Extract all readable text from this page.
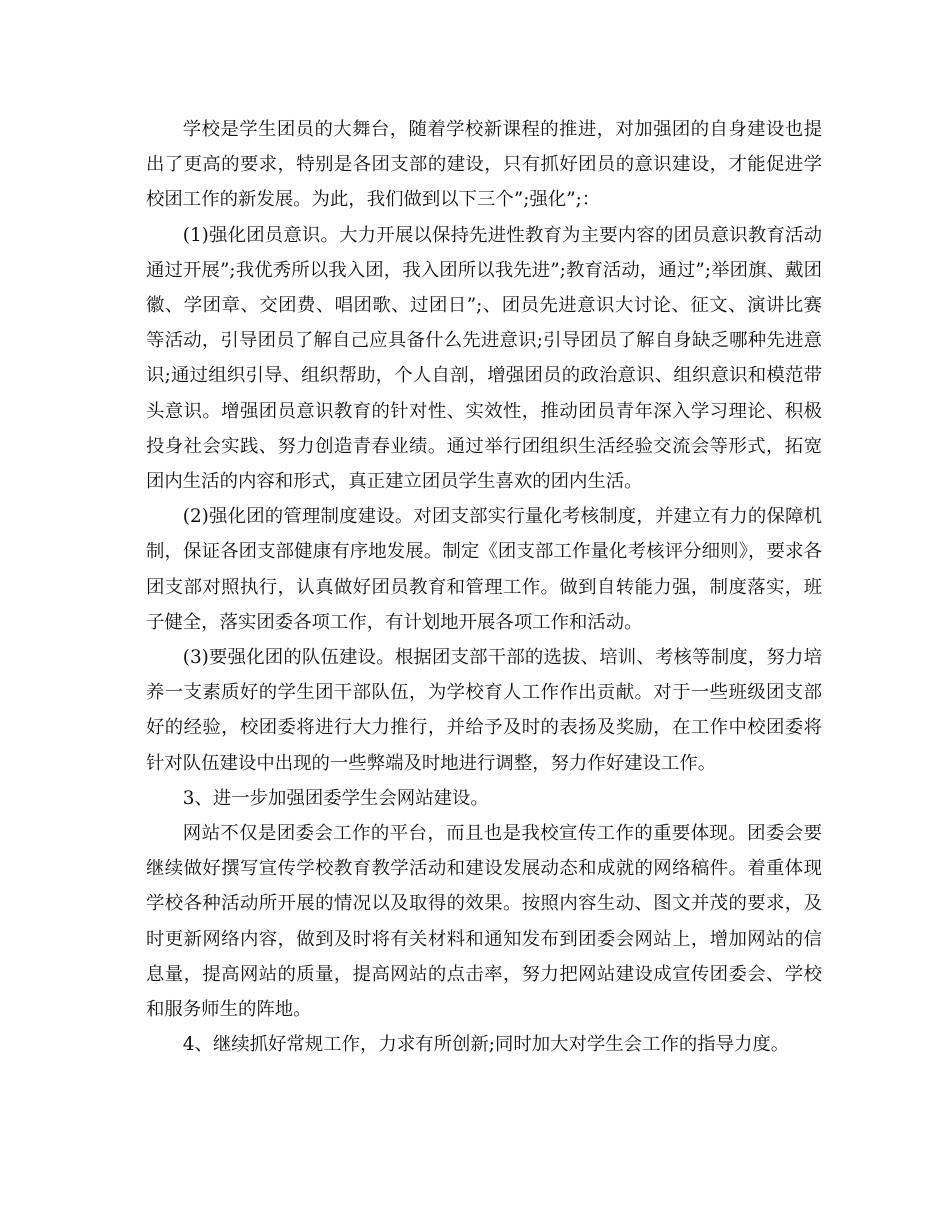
学校是学生团员的大舞台，随着学校新课程的推进，对加强团的自身建设也提出了更高的要求，特别是各团支部的建设，只有抓好团员的意识建设，才能促进学校团工作的新发展。为此，我们做到以下三个”;强化”;：

(1)强化团员意识。大力开展以保持先进性教育为主要内容的团员意识教育活动通过开展”;我优秀所以我入团，我入团所以我先进”;教育活动，通过”;举团旗、戴团徽、学团章、交团费、唱团歌、过团日”;、团员先进意识大讨论、征文、演讲比赛等活动，引导团员了解自己应具备什么先进意识;引导团员了解自身缺乏哪种先进意识;通过组织引导、组织帮助，个人自剖，增强团员的政治意识、组织意识和模范带头意识。增强团员意识教育的针对性、实效性，推动团员青年深入学习理论、积极投身社会实践、努力创造青春业绩。通过举行团组织生活经验交流会等形式，拓宽团内生活的内容和形式，真正建立团员学生喜欢的团内生活。

(2)强化团的管理制度建设。对团支部实行量化考核制度，并建立有力的保障机制，保证各团支部健康有序地发展。制定《团支部工作量化考核评分细则》，要求各团支部对照执行，认真做好团员教育和管理工作。做到自转能力强，制度落实，班子健全，落实团委各项工作，有计划地开展各项工作和活动。

(3)要强化团的队伍建设。根据团支部干部的选拔、培训、考核等制度，努力培养一支素质好的学生团干部队伍，为学校育人工作作出贡献。对于一些班级团支部好的经验，校团委将进行大力推行，并给予及时的表扬及奖励，在工作中校团委将针对队伍建设中出现的一些弊端及时地进行调整，努力作好建设工作。

3、进一步加强团委学生会网站建设。

网站不仅是团委会工作的平台，而且也是我校宣传工作的重要体现。团委会要继续做好撰写宣传学校教育教学活动和建设发展动态和成就的网络稿件。着重体现学校各种活动所开展的情况以及取得的效果。按照内容生动、图文并茂的要求，及时更新网络内容，做到及时将有关材料和通知发布到团委会网站上，增加网站的信息量，提高网站的质量，提高网站的点击率，努力把网站建设成宣传团委会、学校和服务师生的阵地。

4、继续抓好常规工作，力求有所创新;同时加大对学生会工作的指导力度。
